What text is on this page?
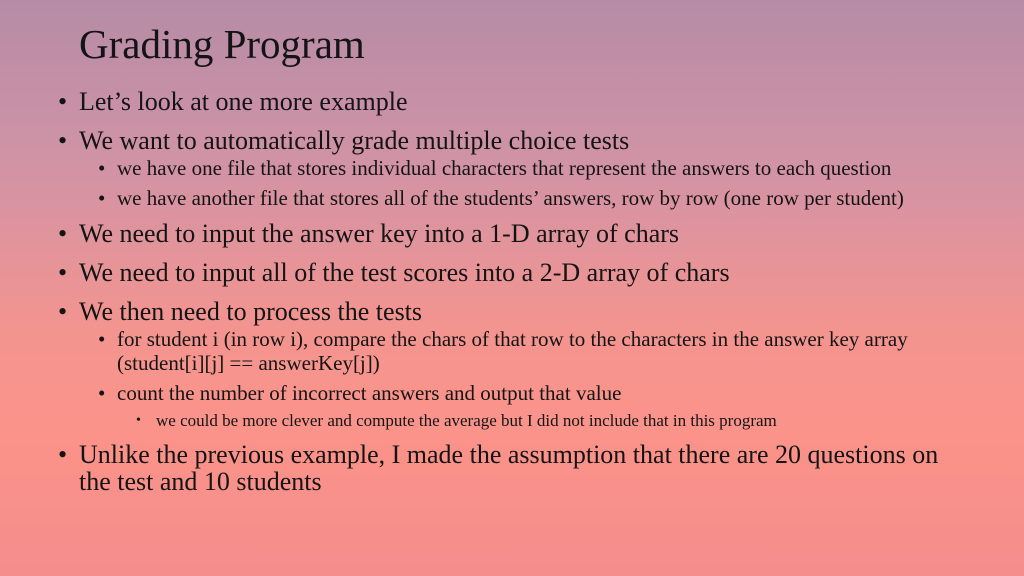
Grading Program
• Let’s look at one more example
• We want to automatically grade multiple choice tests
• we have one file that stores individual characters that represent the answers to each question
• we have another file that stores all of the students’ answers, row by row (one row per student)
• We need to input the answer key into a 1-D array of chars
• We need to input all of the test scores into a 2-D array of chars
• We then need to process the tests
• for student i (in row i), compare the chars of that row to the characters in the answer key array (student[i][j] == answerKey[j])
• count the number of incorrect answers and output that value
• we could be more clever and compute the average but I did not include that in this program
• Unlike the previous example, I made the assumption that there are 20 questions on the test and 10 students
